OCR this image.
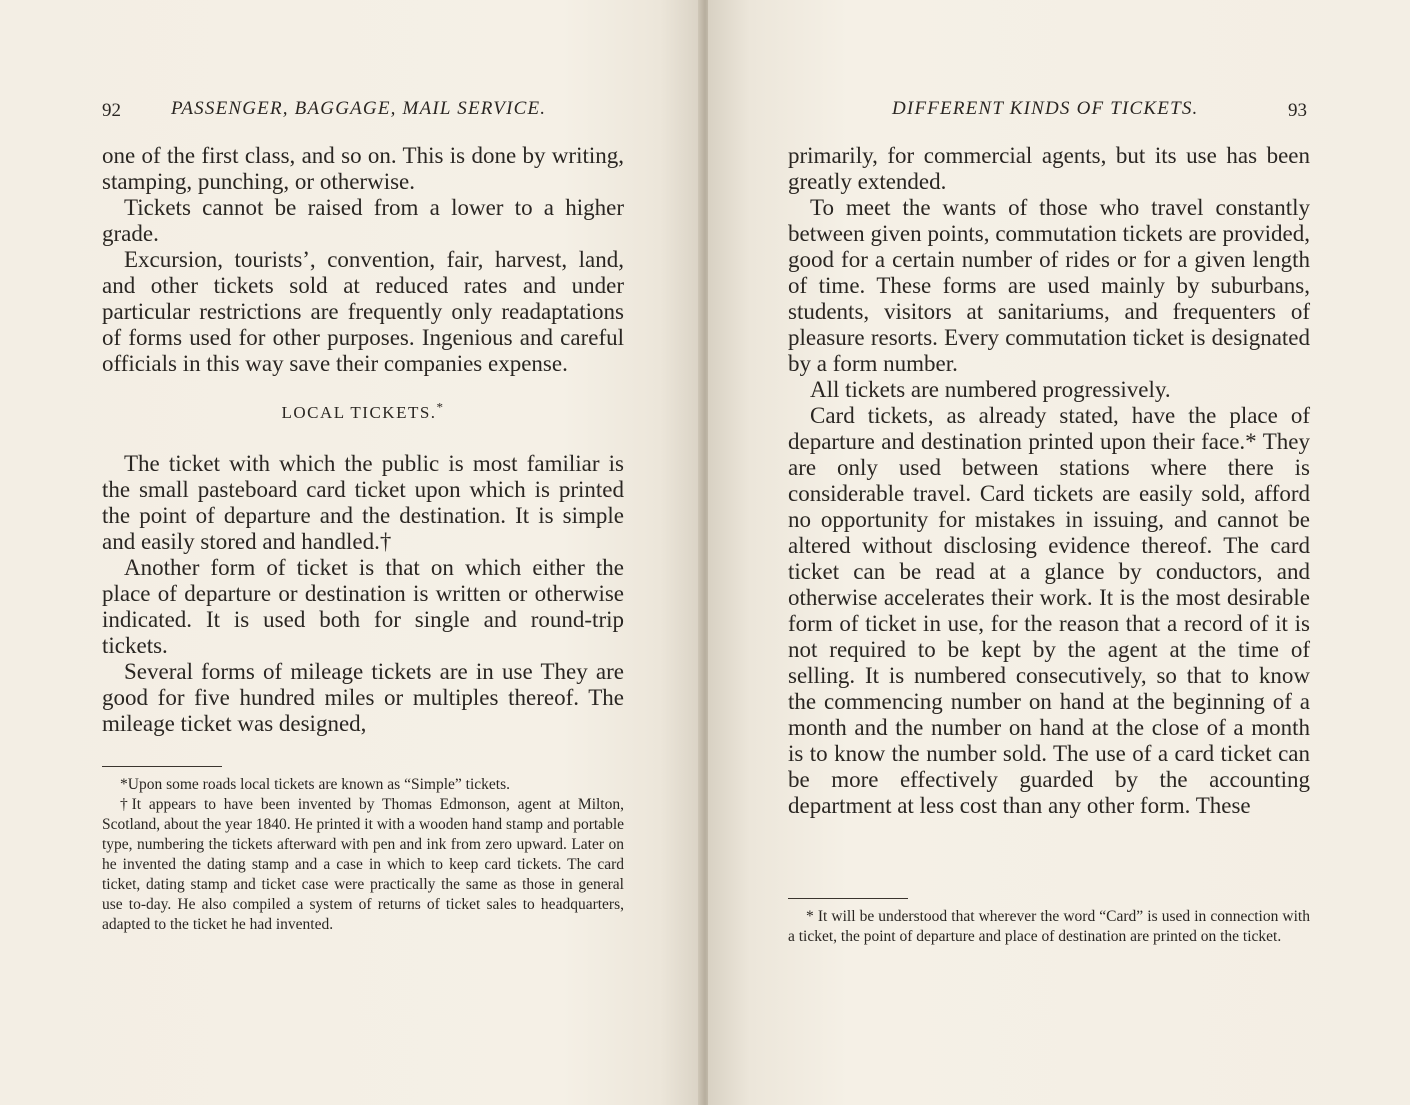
92	PASSENGER, BAGGAGE, MAIL SERVICE.

one of the first class, and so on. This is done by writing, stamping, punching, or otherwise.

Tickets cannot be raised from a lower to a higher grade.

Excursion, tourists’, convention, fair, harvest, land, and other tickets sold at reduced rates and under particular restrictions are frequently only readaptations of forms used for other purposes. Ingenious and careful officials in this way save their companies expense.

LOCAL TICKETS.*

The ticket with which the public is most familiar is the small pasteboard card ticket upon which is printed the point of departure and the destination. It is simple and easily stored and handled.†

Another form of ticket is that on which either the place of departure or destination is written or otherwise indicated. It is used both for single and round-trip tickets.

Several forms of mileage tickets are in use They are good for five hundred miles or multiples thereof. The mileage ticket was designed,

*Upon some roads local tickets are known as “Simple” tickets.

†It appears to have been invented by Thomas Edmonson, agent at Milton, Scotland, about the year 1840. He printed it with a wooden hand stamp and portable type, numbering the tickets afterward with pen and ink from zero upward. Later on he invented the dating stamp and a case in which to keep card tickets. The card ticket, dating stamp and ticket case were practically the same as those in general use to-day. He also compiled a system of returns of ticket sales to headquarters, adapted to the ticket he had invented.

DIFFERENT KINDS OF TICKETS.	93

primarily, for commercial agents, but its use has been greatly extended.

To meet the wants of those who travel constantly between given points, commutation tickets are provided, good for a certain number of rides or for a given length of time. These forms are used mainly by suburbans, students, visitors at sanitariums, and frequenters of pleasure resorts. Every commutation ticket is designated by a form number.

All tickets are numbered progressively.

Card tickets, as already stated, have the place of departure and destination printed upon their face.* They are only used between stations where there is considerable travel. Card tickets are easily sold, afford no opportunity for mistakes in issuing, and cannot be altered without disclosing evidence thereof. The card ticket can be read at a glance by conductors, and otherwise accelerates their work. It is the most desirable form of ticket in use, for the reason that a record of it is not required to be kept by the agent at the time of selling. It is numbered consecutively, so that to know the commencing number on hand at the beginning of a month and the number on hand at the close of a month is to know the number sold. The use of a card ticket can be more effectively guarded by the accounting department at less cost than any other form. These

* It will be understood that wherever the word “Card” is used in connection with a ticket, the point of departure and place of destination are printed on the ticket.
